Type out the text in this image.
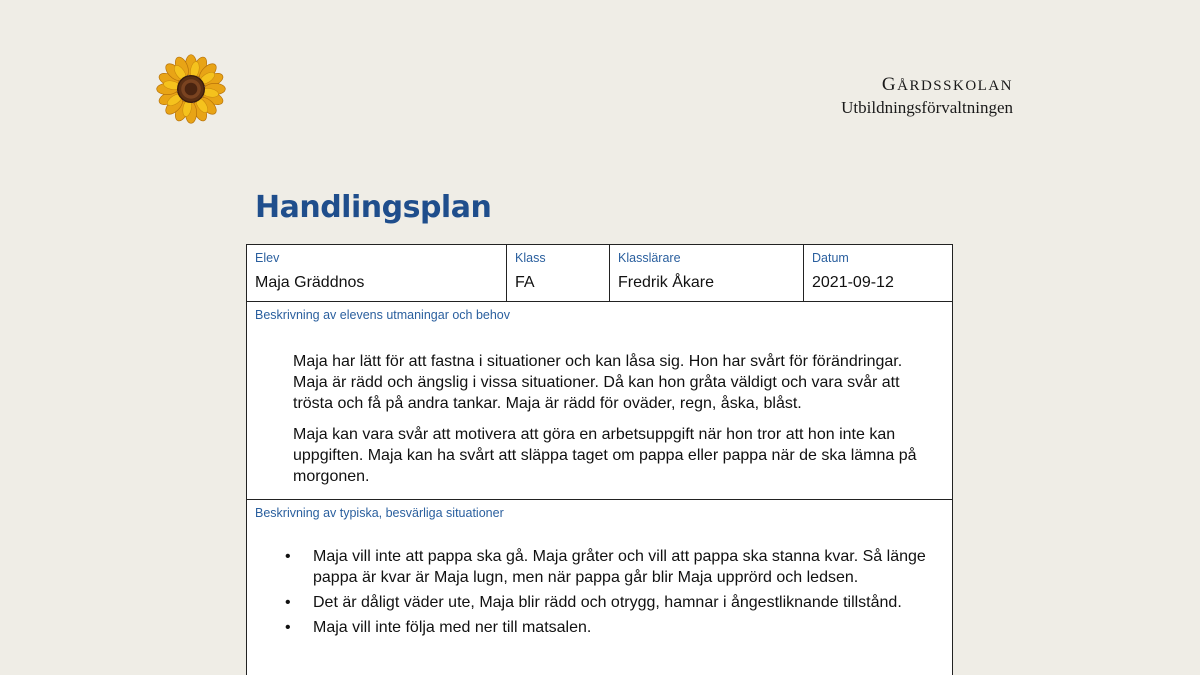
GÅRDSSKOLAN
Utbildningsförvaltningen
Handlingsplan
Elev
Maja Gräddnos
Klass
FA
Klasslärare
Fredrik Åkare
Datum
2021-09-12
Beskrivning av elevens utmaningar och behov

Maja har lätt för att fastna i situationer och kan låsa sig. Hon har svårt för förändringar. Maja är rädd och ängslig i vissa situationer. Då kan hon gråta väldigt och vara svår att trösta och få på andra tankar. Maja är rädd för oväder, regn, åska, blåst.

Maja kan vara svår att motivera att göra en arbetsuppgift när hon tror att hon inte kan uppgiften. Maja kan ha svårt att släppa taget om pappa eller pappa när de ska lämna på morgonen.

Beskrivning av typiska, besvärliga situationer
• Maja vill inte att pappa ska gå. Maja gråter och vill att pappa ska stanna kvar. Så länge pappa är kvar är Maja lugn, men när pappa går blir Maja upprörd och ledsen.
• Det är dåligt väder ute, Maja blir rädd och otrygg, hamnar i ångestliknande tillstånd.
• Maja vill inte följa med ner till matsalen.
